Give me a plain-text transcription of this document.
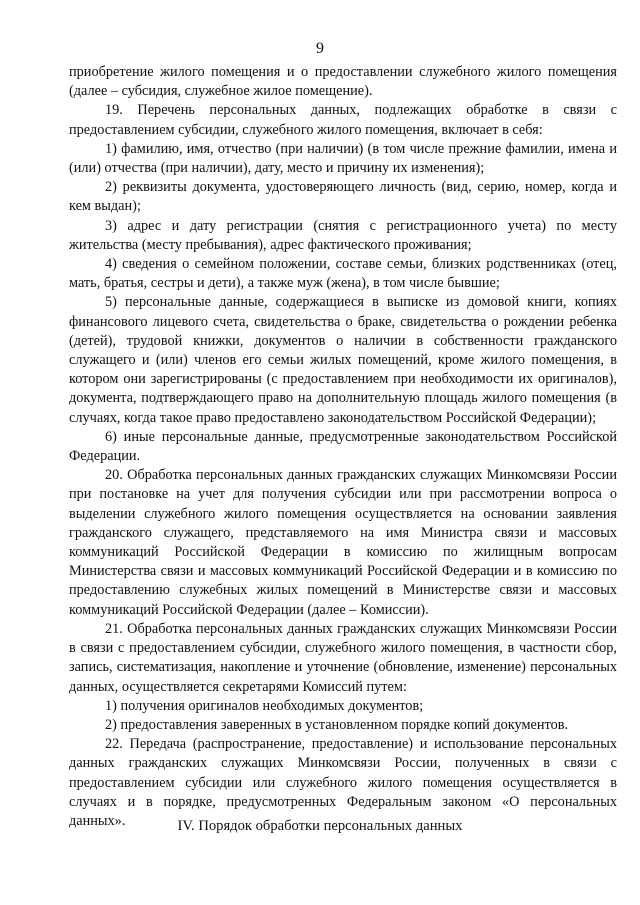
9

приобретение жилого помещения и о предоставлении служебного жилого помещения (далее – субсидия, служебное жилое помещение).

19. Перечень персональных данных, подлежащих обработке в связи с предоставлением субсидии, служебного жилого помещения, включает в себя:

1) фамилию, имя, отчество (при наличии) (в том числе прежние фамилии, имена и (или) отчества (при наличии), дату, место и причину их изменения);

2) реквизиты документа, удостоверяющего личность (вид, серию, номер, когда и кем выдан);

3) адрес и дату регистрации (снятия с регистрационного учета) по месту жительства (месту пребывания), адрес фактического проживания;

4) сведения о семейном положении, составе семьи, близких родственниках (отец, мать, братья, сестры и дети), а также муж (жена), в том числе бывшие;

5) персональные данные, содержащиеся в выписке из домовой книги, копиях финансового лицевого счета, свидетельства о браке, свидетельства о рождении ребенка (детей), трудовой книжки, документов о наличии в собственности гражданского служащего и (или) членов его семьи жилых помещений, кроме жилого помещения, в котором они зарегистрированы (с предоставлением при необходимости их оригиналов), документа, подтверждающего право на дополнительную площадь жилого помещения (в случаях, когда такое право предоставлено законодательством Российской Федерации);

6) иные персональные данные, предусмотренные законодательством Российской Федерации.

20. Обработка персональных данных гражданских служащих Минкомсвязи России при постановке на учет для получения субсидии или при рассмотрении вопроса о выделении служебного жилого помещения осуществляется на основании заявления гражданского служащего, представляемого на имя Министра связи и массовых коммуникаций Российской Федерации в комиссию по жилищным вопросам Министерства связи и массовых коммуникаций Российской Федерации и в комиссию по предоставлению служебных жилых помещений в Министерстве связи и массовых коммуникаций Российской Федерации (далее – Комиссии).

21. Обработка персональных данных гражданских служащих Минкомсвязи России в связи с предоставлением субсидии, служебного жилого помещения, в частности сбор, запись, систематизация, накопление и уточнение (обновление, изменение) персональных данных, осуществляется секретарями Комиссий путем:

1) получения оригиналов необходимых документов;

2) предоставления заверенных в установленном порядке копий документов.

22. Передача (распространение, предоставление) и использование персональных данных гражданских служащих Минкомсвязи России, полученных в связи с предоставлением субсидии или служебного жилого помещения осуществляется в случаях и в порядке, предусмотренных Федеральным законом «О персональных данных».	IV. Порядок обработки персональных данных
